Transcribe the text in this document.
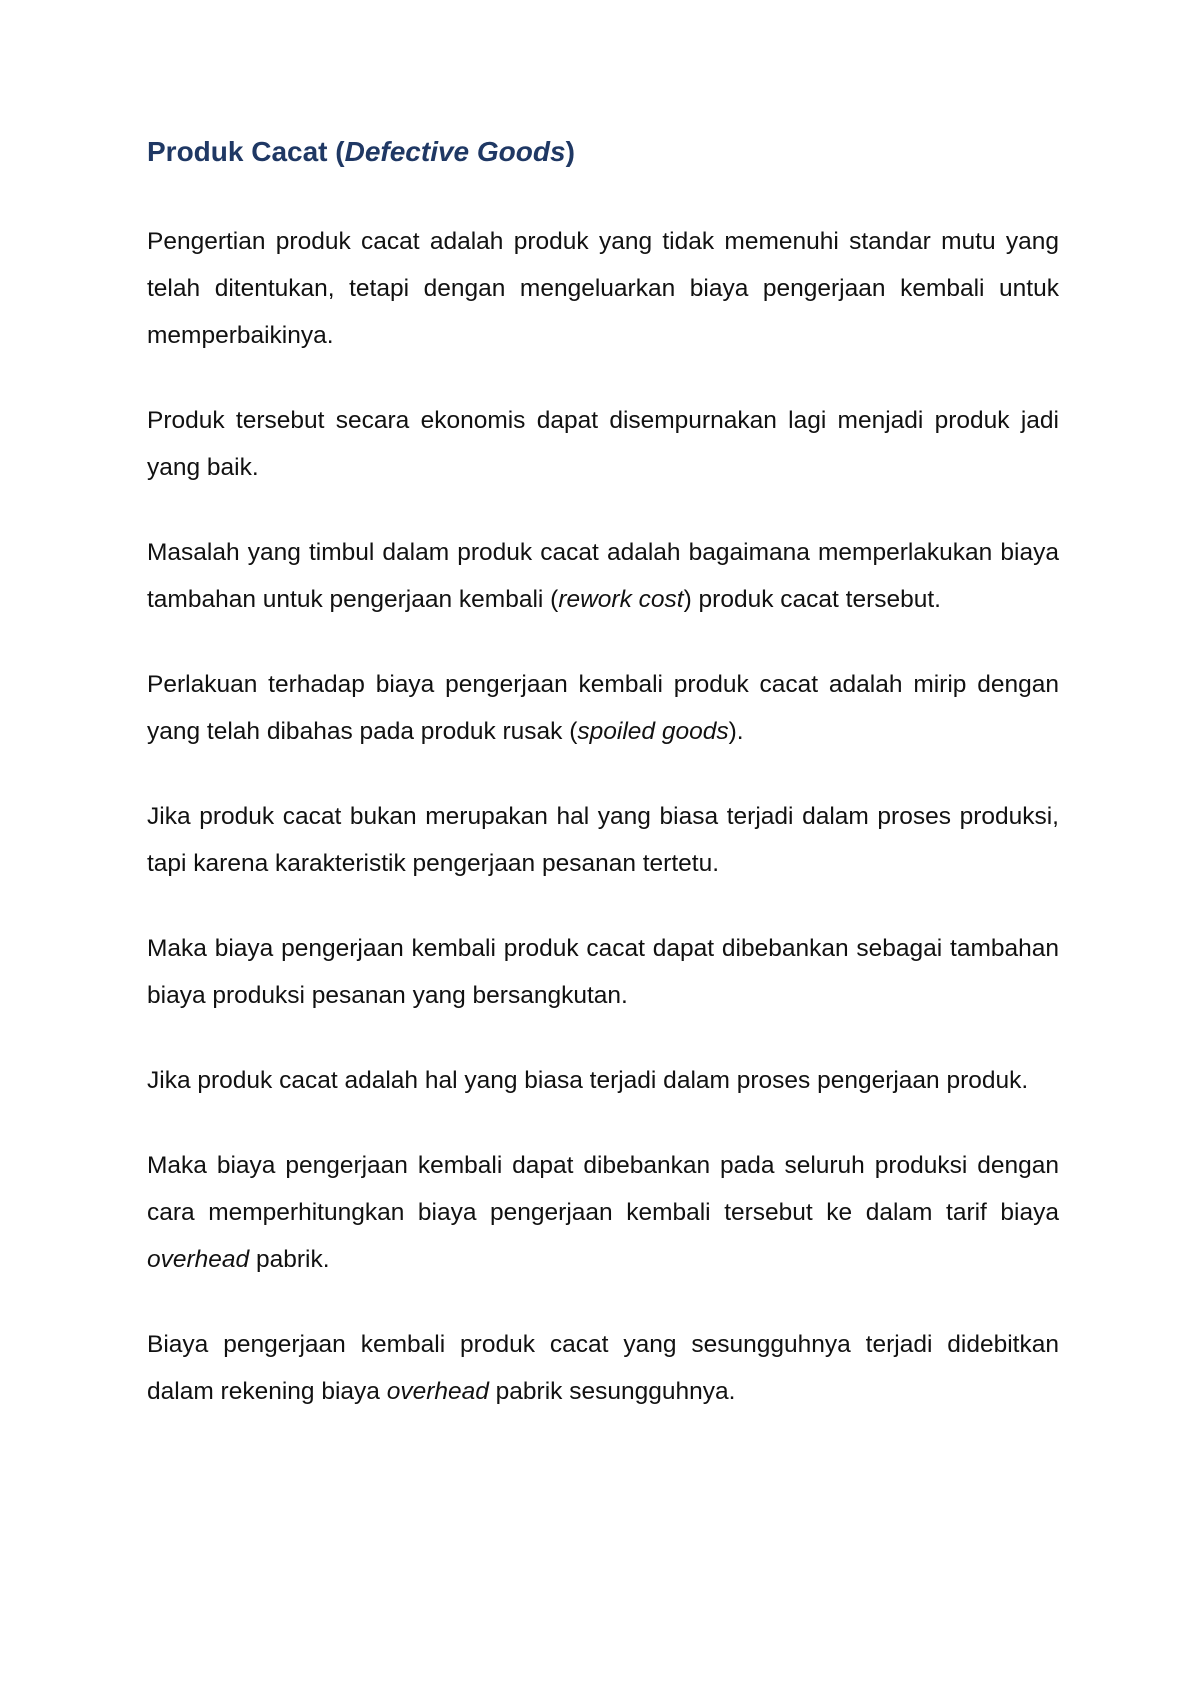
Produk Cacat (Defective Goods)

Pengertian produk cacat adalah produk yang tidak memenuhi standar mutu yang telah ditentukan, tetapi dengan mengeluarkan biaya pengerjaan kembali untuk memperbaikinya.

Produk tersebut secara ekonomis dapat disempurnakan lagi menjadi produk jadi yang baik.

Masalah yang timbul dalam produk cacat adalah bagaimana memperlakukan biaya tambahan untuk pengerjaan kembali (rework cost) produk cacat tersebut.

Perlakuan terhadap biaya pengerjaan kembali produk cacat adalah mirip dengan yang telah dibahas pada produk rusak (spoiled goods).

Jika produk cacat bukan merupakan hal yang biasa terjadi dalam proses produksi, tapi karena karakteristik pengerjaan pesanan tertetu.

Maka biaya pengerjaan kembali produk cacat dapat dibebankan sebagai tambahan biaya produksi pesanan yang bersangkutan.

Jika produk cacat adalah hal yang biasa terjadi dalam proses pengerjaan produk.

Maka biaya pengerjaan kembali dapat dibebankan pada seluruh produksi dengan cara memperhitungkan biaya pengerjaan kembali tersebut ke dalam tarif biaya overhead pabrik.

Biaya pengerjaan kembali produk cacat yang sesungguhnya terjadi didebitkan dalam rekening biaya overhead pabrik sesungguhnya.
